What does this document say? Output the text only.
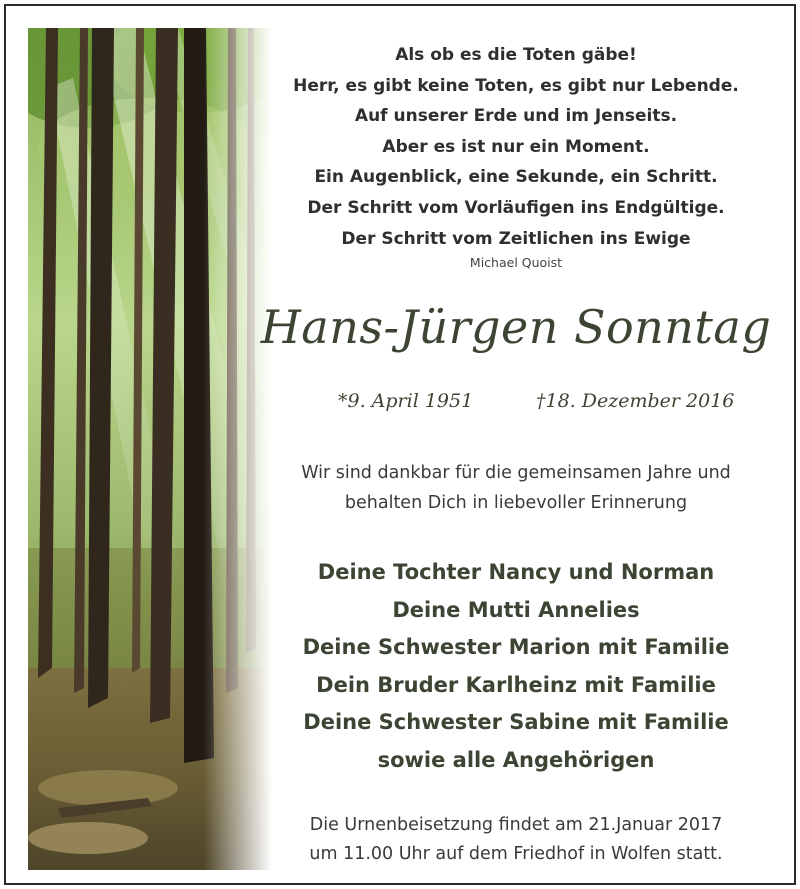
Als ob es die Toten gäbe!
Herr, es gibt keine Toten, es gibt nur Lebende.
Auf unserer Erde und im Jenseits.
Aber es ist nur ein Moment.
Ein Augenblick, eine Sekunde, ein Schritt.
Der Schritt vom Vorläufigen ins Endgültige.
Der Schritt vom Zeitlichen ins Ewige
Michael Quoist
Hans-Jürgen Sonntag
*9. April 1951	†18. Dezember 2016
Wir sind dankbar für die gemeinsamen Jahre und
behalten Dich in liebevoller Erinnerung
Deine Tochter Nancy und Norman
Deine Mutti Annelies
Deine Schwester Marion mit Familie
Dein Bruder Karlheinz mit Familie
Deine Schwester Sabine mit Familie
sowie alle Angehörigen
Die Urnenbeisetzung findet am 21.Januar 2017
um 11.00 Uhr auf dem Friedhof in Wolfen statt.
